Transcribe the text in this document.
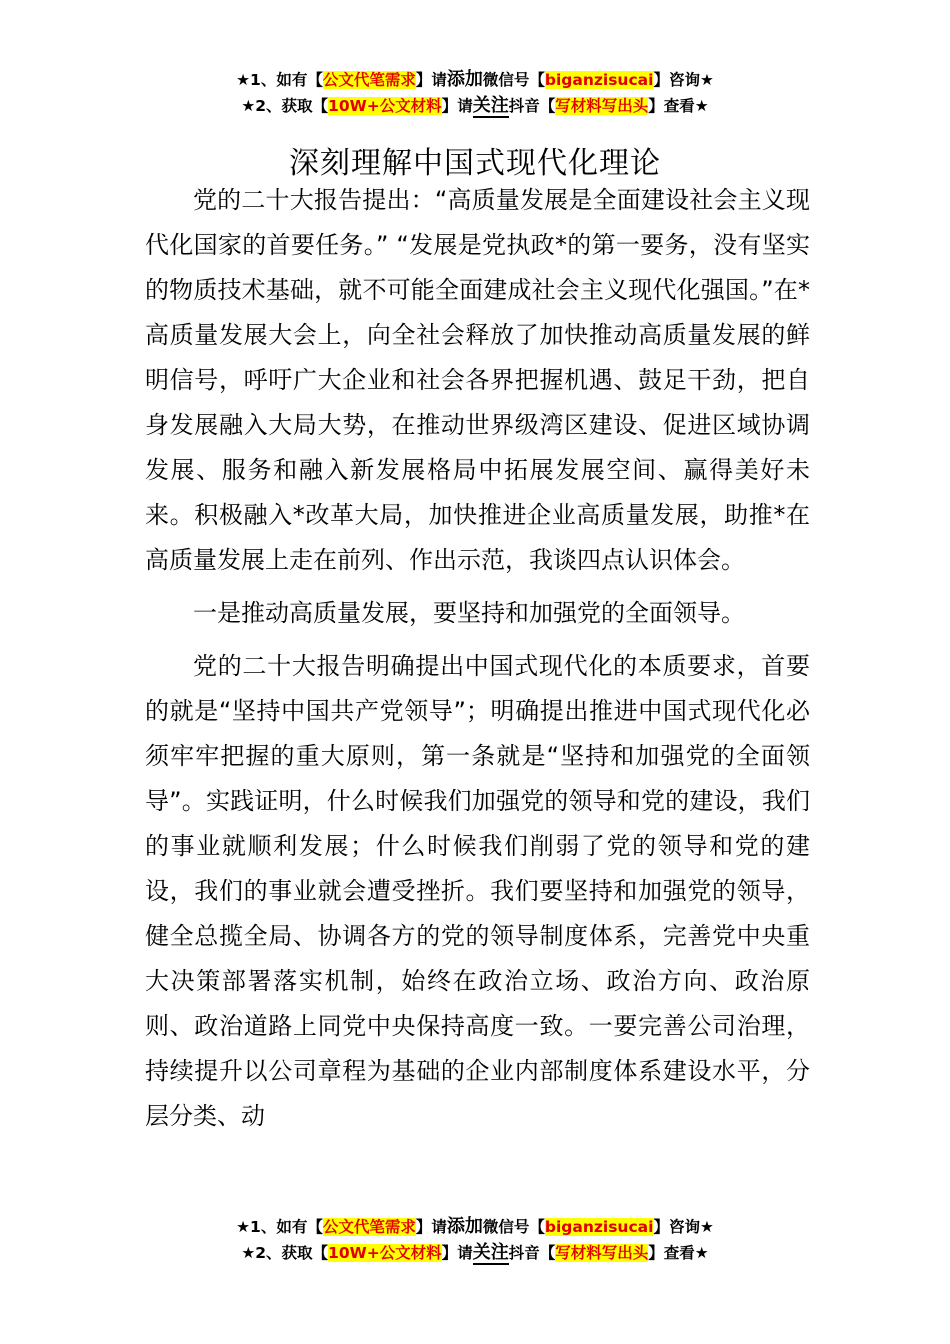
★1、如有【公文代笔需求】请添加微信号【biganzisucai】咨询★
★2、获取【10W+公文材料】请关注抖音【写材料写出头】查看★
深刻理解中国式现代化理论

党的二十大报告提出：“高质量发展是全面建设社会主义现代化国家的首要任务。” “发展是党执政*的第一要务，没有坚实的物质技术基础，就不可能全面建成社会主义现代化强国。”在*高质量发展大会上，向全社会释放了加快推动高质量发展的鲜明信号，呼吁广大企业和社会各界把握机遇、鼓足干劲，把自身发展融入大局大势，在推动世界级湾区建设、促进区域协调发展、服务和融入新发展格局中拓展发展空间、赢得美好未来。积极融入*改革大局，加快推进企业高质量发展，助推*在高质量发展上走在前列、作出示范，我谈四点认识体会。

一是推动高质量发展，要坚持和加强党的全面领导。

党的二十大报告明确提出中国式现代化的本质要求，首要的就是“坚持中国共产党领导”；明确提出推进中国式现代化必须牢牢把握的重大原则，第一条就是“坚持和加强党的全面领导”。实践证明，什么时候我们加强党的领导和党的建设，我们的事业就顺利发展；什么时候我们削弱了党的领导和党的建设，我们的事业就会遭受挫折。我们要坚持和加强党的领导，健全总揽全局、协调各方的党的领导制度体系，完善党中央重大决策部署落实机制，始终在政治立场、政治方向、政治原则、政治道路上同党中央保持高度一致。一要完善公司治理，持续提升以公司章程为基础的企业内部制度体系建设水平，分层分类、动

★1、如有【公文代笔需求】请添加微信号【biganzisucai】咨询★
★2、获取【10W+公文材料】请关注抖音【写材料写出头】查看★
